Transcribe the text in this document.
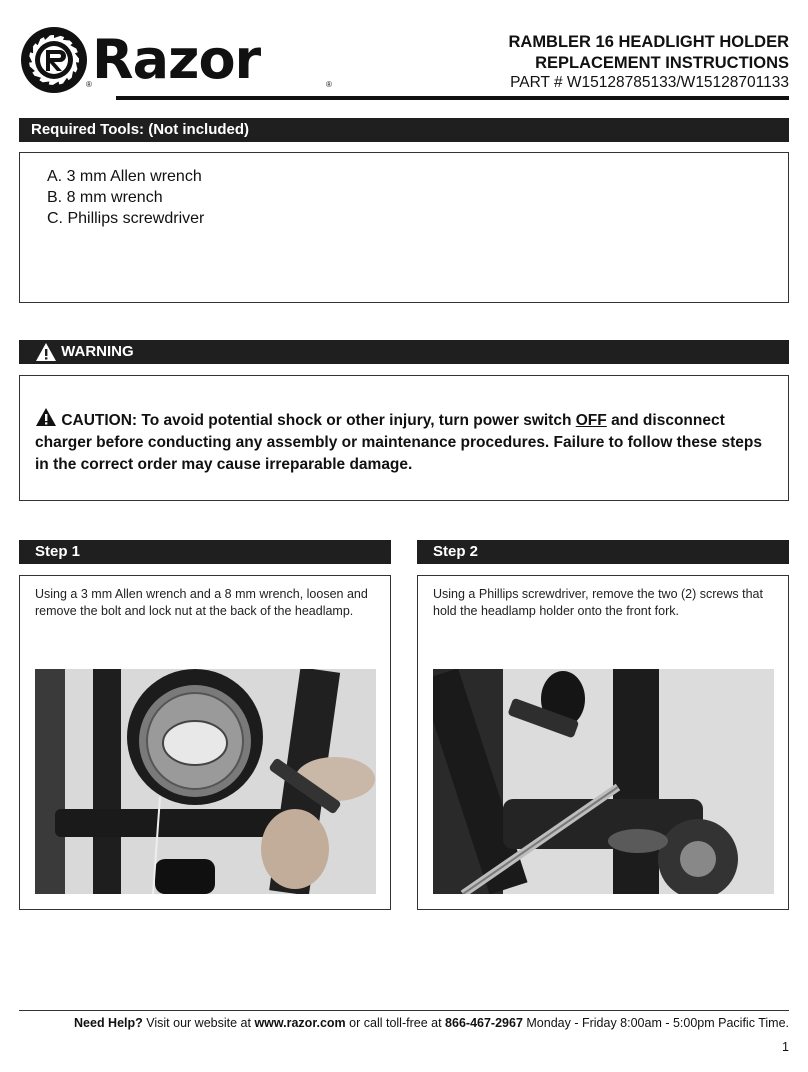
Razor
®	®
RAMBLER 16 HEADLIGHT HOLDER
REPLACEMENT INSTRUCTIONS
PART # W15128785133/W15128701133
Required Tools: (Not included)
A. 3 mm Allen wrench
B. 8 mm wrench
C. Phillips screwdriver
WARNING
CAUTION: To avoid potential shock or other injury, turn power switch OFF and disconnect charger before conducting any assembly or maintenance procedures. Failure to follow these steps in the correct order may cause irreparable damage.
Step 1
Using a 3 mm Allen wrench and a 8 mm wrench, loosen and remove the bolt and lock nut at the back of the headlamp.
Step 2
Using a Phillips screwdriver, remove the two (2) screws that hold the headlamp holder onto the front fork.
Need Help? Visit our website at www.razor.com or call toll-free at 866-467-2967 Monday - Friday 8:00am - 5:00pm Pacific Time.
1
